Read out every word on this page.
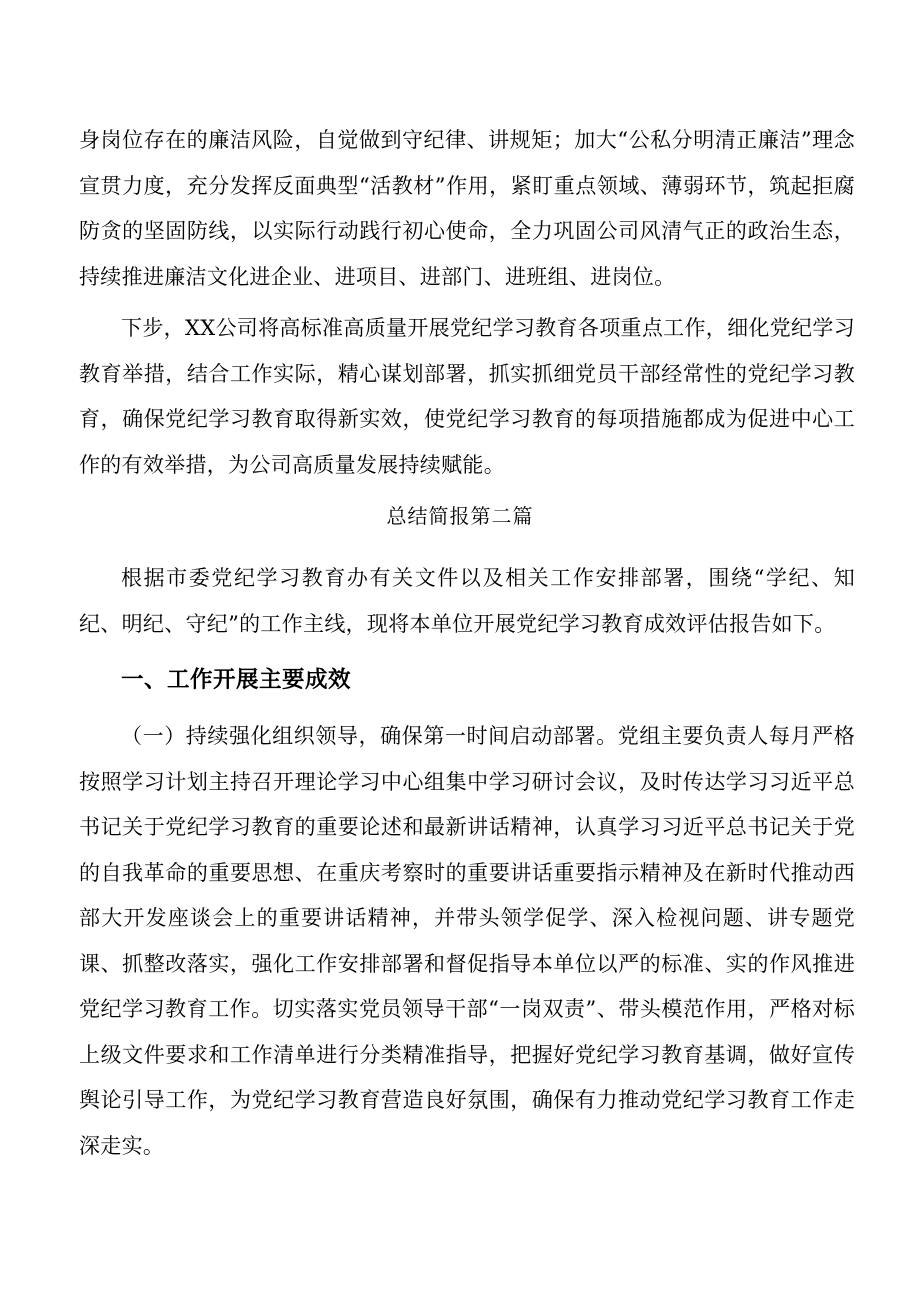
身岗位存在的廉洁风险，自觉做到守纪律、讲规矩；加大“公私分明清正廉洁”理念宣贯力度，充分发挥反面典型“活教材”作用，紧盯重点领域、薄弱环节，筑起拒腐防贪的坚固防线，以实际行动践行初心使命，全力巩固公司风清气正的政治生态，持续推进廉洁文化进企业、进项目、进部门、进班组、进岗位。

下步，XX公司将高标准高质量开展党纪学习教育各项重点工作，细化党纪学习教育举措，结合工作实际，精心谋划部署，抓实抓细党员干部经常性的党纪学习教育，确保党纪学习教育取得新实效，使党纪学习教育的每项措施都成为促进中心工作的有效举措，为公司高质量发展持续赋能。

总结简报第二篇

根据市委党纪学习教育办有关文件以及相关工作安排部署，围绕“学纪、知纪、明纪、守纪”的工作主线，现将本单位开展党纪学习教育成效评估报告如下。

一、工作开展主要成效

（一）持续强化组织领导，确保第一时间启动部署。党组主要负责人每月严格按照学习计划主持召开理论学习中心组集中学习研讨会议，及时传达学习习近平总书记关于党纪学习教育的重要论述和最新讲话精神，认真学习习近平总书记关于党的自我革命的重要思想、在重庆考察时的重要讲话重要指示精神及在新时代推动西部大开发座谈会上的重要讲话精神，并带头领学促学、深入检视问题、讲专题党课、抓整改落实，强化工作安排部署和督促指导本单位以严的标准、实的作风推进党纪学习教育工作。切实落实党员领导干部“一岗双责”、带头模范作用，严格对标上级文件要求和工作清单进行分类精准指导，把握好党纪学习教育基调，做好宣传舆论引导工作，为党纪学习教育营造良好氛围，确保有力推动党纪学习教育工作走深走实。
